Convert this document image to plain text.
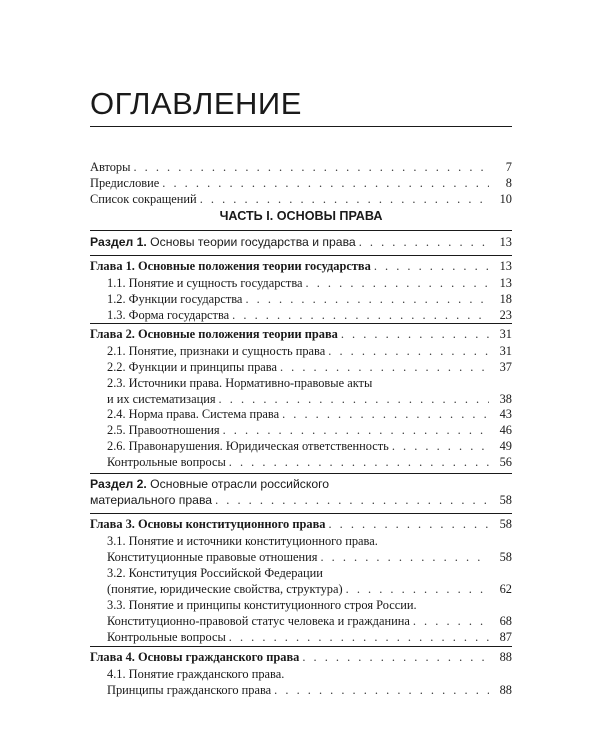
ОГЛАВЛЕНИЕ
Авторы . . .	7
Предисловие . . .	8
Список сокращений . . .	10
ЧАСТЬ I. ОСНОВЫ ПРАВА
Раздел 1. Основы теории государства и права . . .	13
Глава 1. Основные положения теории государства . . .	13
1.1. Понятие и сущность государства . . .	13
1.2. Функции государства . . .	18
1.3. Форма государства . . .	23
Глава 2. Основные положения теории права . . .	31
2.1. Понятие, признаки и сущность права . . .	31
2.2. Функции и принципы права . . .	37
2.3. Источники права. Нормативно-правовые акты
и их систематизация . . .	38
2.4. Норма права. Система права . . .	43
2.5. Правоотношения . . .	46
2.6. Правонарушения. Юридическая ответственность . . .	49
Контрольные вопросы . . .	56
Раздел 2. Основные отрасли российского
материального права . . .	58
Глава 3. Основы конституционного права . . .	58
3.1. Понятие и источники конституционного права.
Конституционные правовые отношения . . .	58
3.2. Конституция Российской Федерации
(понятие, юридические свойства, структура) . . .	62
3.3. Понятие и принципы конституционного строя России.
Конституционно-правовой статус человека и гражданина . . .	68
Контрольные вопросы . . .	87
Глава 4. Основы гражданского права . . .	88
4.1. Понятие гражданского права.
Принципы гражданского права . . .	88
